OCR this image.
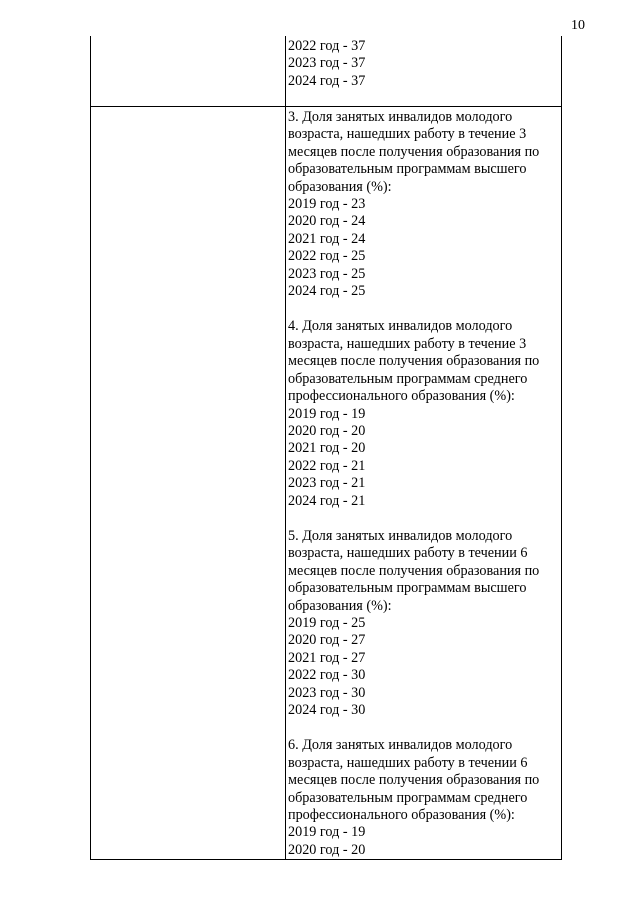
10
2022 год - 37
2023 год - 37
2024 год - 37
3. Доля занятых инвалидов молодого
возраста, нашедших работу в течение 3
месяцев после получения образования по
образовательным программам высшего
образования (%):
2019 год - 23
2020 год - 24
2021 год - 24
2022 год - 25
2023 год - 25
2024 год - 25
4. Доля занятых инвалидов молодого
возраста, нашедших работу в течение 3
месяцев после получения образования по
образовательным программам среднего
профессионального образования (%):
2019 год - 19
2020 год - 20
2021 год - 20
2022 год - 21
2023 год - 21
2024 год - 21
5. Доля занятых инвалидов молодого
возраста, нашедших работу в течении 6
месяцев после получения образования по
образовательным программам высшего
образования (%):
2019 год - 25
2020 год - 27
2021 год - 27
2022 год - 30
2023 год - 30
2024 год - 30
6. Доля занятых инвалидов молодого
возраста, нашедших работу в течении 6
месяцев после получения образования по
образовательным программам среднего
профессионального образования (%):
2019 год - 19
2020 год - 20
